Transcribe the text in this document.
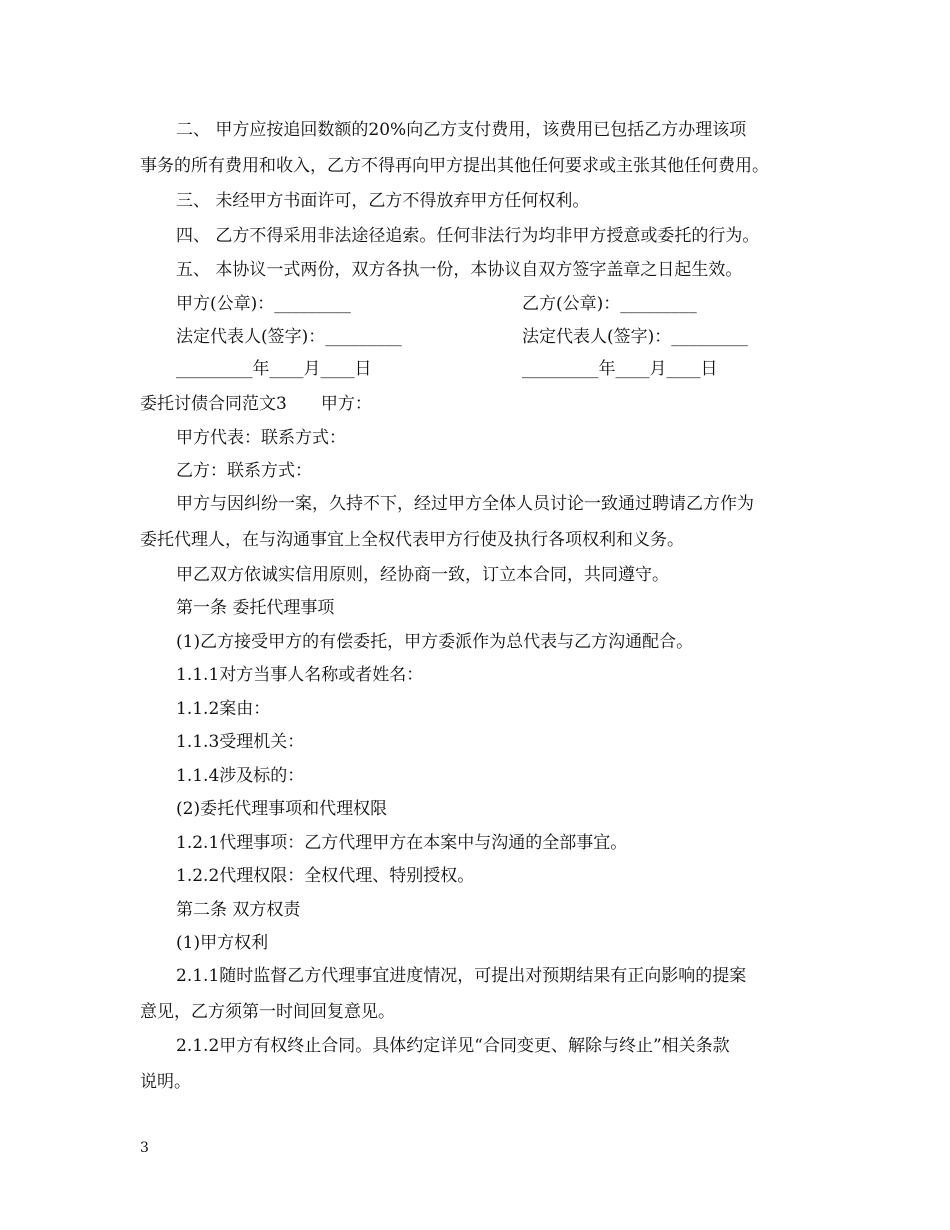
二、 甲方应按追回数额的20%向乙方支付费用，该费用已包括乙方办理该项
事务的所有费用和收入，乙方不得再向甲方提出其他任何要求或主张其他任何费用。
三、 未经甲方书面许可，乙方不得放弃甲方任何权利。
四、 乙方不得采用非法途径追索。任何非法行为均非甲方授意或委托的行为。
五、 本协议一式两份，双方各执一份，本协议自双方签字盖章之日起生效。
甲方(公章)：_________	乙方(公章)：_________
法定代表人(签字)：_________	法定代表人(签字)：_________
_________年____月____日	_________年____月____日
委托讨债合同范文3　　甲方：
甲方代表：联系方式：
乙方：联系方式：
甲方与因纠纷一案，久持不下，经过甲方全体人员讨论一致通过聘请乙方作为
委托代理人，在与沟通事宜上全权代表甲方行使及执行各项权利和义务。
甲乙双方依诚实信用原则，经协商一致，订立本合同，共同遵守。
第一条 委托代理事项
(1)乙方接受甲方的有偿委托，甲方委派作为总代表与乙方沟通配合。
1.1.1对方当事人名称或者姓名：
1.1.2案由：
1.1.3受理机关：
1.1.4涉及标的：
(2)委托代理事项和代理权限
1.2.1代理事项：乙方代理甲方在本案中与沟通的全部事宜。
1.2.2代理权限：全权代理、特别授权。
第二条 双方权责
(1)甲方权利
2.1.1随时监督乙方代理事宜进度情况，可提出对预期结果有正向影响的提案
意见，乙方须第一时间回复意见。
2.1.2甲方有权终止合同。具体约定详见“合同变更、解除与终止”相关条款
说明。
3
